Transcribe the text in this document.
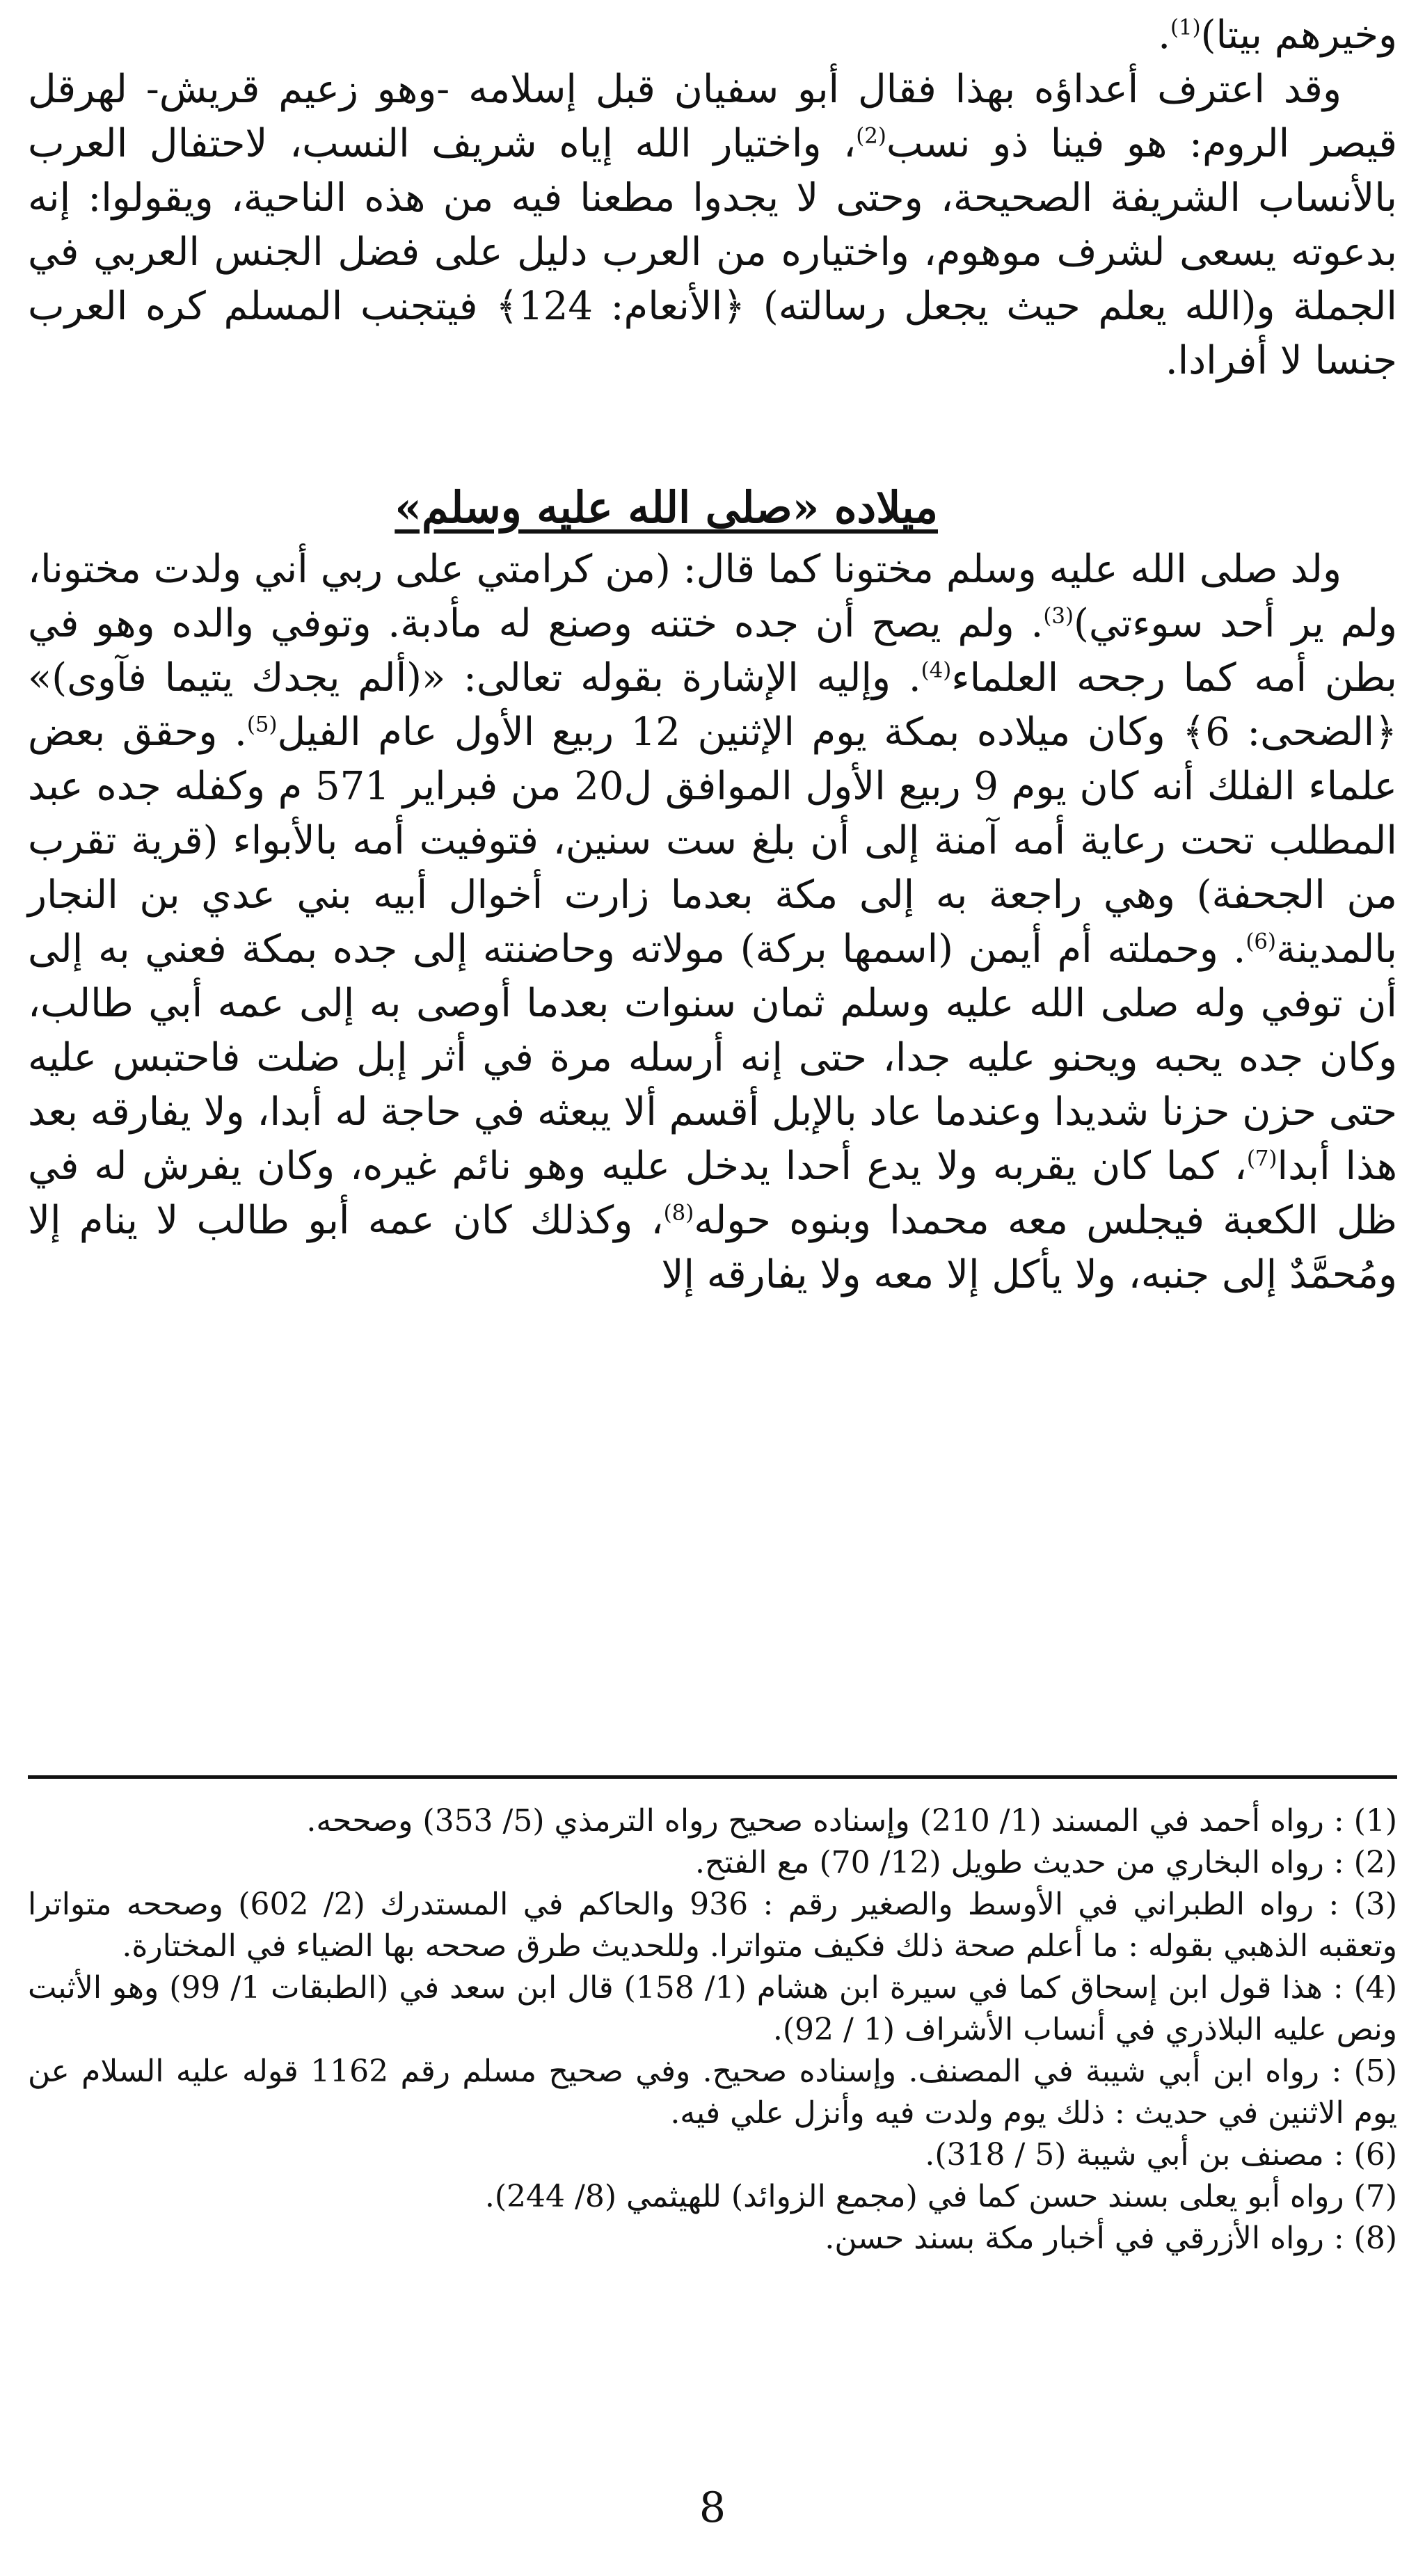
وخيرهم بيتا)$^{(1)}$.

وقد اعترف أعداؤه بهذا فقال أبو سفيان قبل إسلامه -وهو زعيم قريش- لهرقل قيصر الروم: هو فينا ذو نسب$^{(2)}$، واختيار الله إياه شريف النسب، لاحتفال العرب بالأنساب الشريفة الصحيحة، وحتى لا يجدوا مطعنا فيه من هذه الناحية، ويقولوا: إنه بدعوته يسعى لشرف موهوم، واختياره من العرب دليل على فضل الجنس العربي في الجملة و(الله يعلم حيث يجعل رسالته) ﴿الأنعام: 124﴾ فيتجنب المسلم كره العرب جنسا لا أفرادا.

ميلاده «صلى الله عليه وسلم»

ولد صلى الله عليه وسلم مختونا كما قال: (من كرامتي على ربي أني ولدت مختونا، ولم ير أحد سوءتي)$^{(3)}$. ولم يصح أن جده ختنه وصنع له مأدبة. وتوفي والده وهو في بطن أمه كما رجحه العلماء$^{(4)}$. وإليه الإشارة بقوله تعالى: «(ألم يجدك يتيما فآوى)» ﴿الضحى: 6﴾ وكان ميلاده بمكة يوم الإثنين 12 ربيع الأول عام الفيل$^{(5)}$. وحقق بعض علماء الفلك أنه كان يوم 9 ربيع الأول الموافق ل20 من فبراير 571 م وكفله جده عبد المطلب تحت رعاية أمه آمنة إلى أن بلغ ست سنين، فتوفيت أمه بالأبواء (قرية تقرب من الجحفة) وهي راجعة به إلى مكة بعدما زارت أخوال أبيه بني عدي بن النجار بالمدينة$^{(6)}$. وحملته أم أيمن (اسمها بركة) مولاته وحاضنته إلى جده بمكة فعني به إلى أن توفي وله صلى الله عليه وسلم ثمان سنوات بعدما أوصى به إلى عمه أبي طالب، وكان جده يحبه ويحنو عليه جدا، حتى إنه أرسله مرة في أثر إبل ضلت فاحتبس عليه حتى حزن حزنا شديدا وعندما عاد بالإبل أقسم ألا يبعثه في حاجة له أبدا، ولا يفارقه بعد هذا أبدا$^{(7)}$، كما كان يقربه ولا يدع أحدا يدخل عليه وهو نائم غيره، وكان يفرش له في ظل الكعبة فيجلس معه محمدا وبنوه حوله$^{(8)}$، وكذلك كان عمه أبو طالب لا ينام إلا ومُحمَّدٌ إلى جنبه، ولا يأكل إلا معه ولا يفارقه إلا

(1) : رواه أحمد في المسند (1/ 210) وإسناده صحيح رواه الترمذي (5/ 353) وصححه.

(2) : رواه البخاري من حديث طويل (12/ 70) مع الفتح.

(3) : رواه الطبراني في الأوسط والصغير رقم : 936 والحاكم في المستدرك (2/ 602) وصححه متواترا وتعقبه الذهبي بقوله : ما أعلم صحة ذلك فكيف متواترا. وللحديث طرق صححه بها الضياء في المختارة.

(4) : هذا قول ابن إسحاق كما في سيرة ابن هشام (1/ 158) قال ابن سعد في (الطبقات 1/ 99) وهو الأثبت ونص عليه البلاذري في أنساب الأشراف (1 / 92).

(5) : رواه ابن أبي شيبة في المصنف. وإسناده صحيح. وفي صحيح مسلم رقم 1162 قوله عليه السلام عن يوم الاثنين في حديث : ذلك يوم ولدت فيه وأنزل علي فيه.

(6) : مصنف بن أبي شيبة (5 / 318).

(7) رواه أبو يعلى بسند حسن كما في (مجمع الزوائد) للهيثمي (8/ 244).

(8) : رواه الأزرقي في أخبار مكة بسند حسن.

8
